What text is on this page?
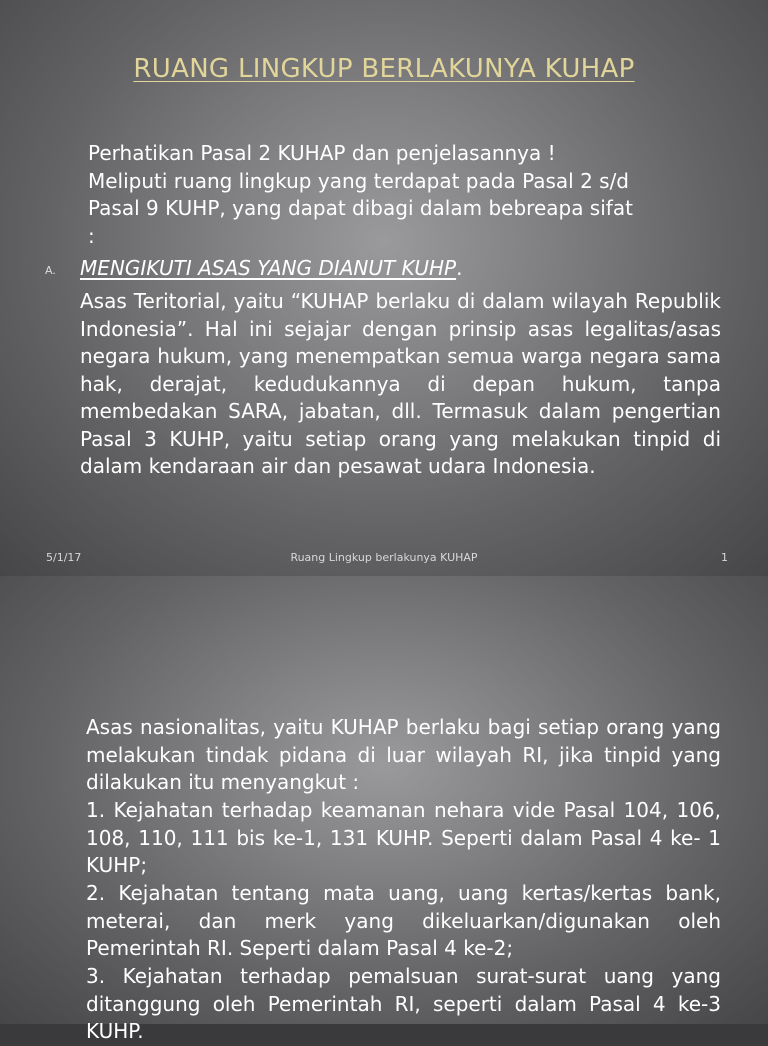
RUANG LINGKUP BERLAKUNYA KUHAP
Perhatikan Pasal 2 KUHAP dan penjelasannya !
Meliputi ruang lingkup yang terdapat pada Pasal 2 s/d
Pasal 9 KUHP, yang dapat dibagi dalam bebreapa sifat
:
A. MENGIKUTI ASAS YANG DIANUT KUHP.
Asas Teritorial, yaitu “KUHAP berlaku di dalam wilayah Republik Indonesia”. Hal ini sejajar dengan prinsip asas legalitas/asas negara hukum, yang menempatkan semua warga negara sama hak, derajat, kedudukannya di depan hukum, tanpa membedakan SARA, jabatan, dll. Termasuk dalam pengertian Pasal 3 KUHP, yaitu setiap orang yang melakukan tinpid di dalam kendaraan air dan pesawat udara Indonesia.
5/1/17	Ruang Lingkup berlakunya KUHAP	1
Asas nasionalitas, yaitu KUHAP berlaku bagi setiap orang yang melakukan tindak pidana di luar wilayah RI, jika tinpid yang dilakukan itu menyangkut :
1. Kejahatan terhadap keamanan nehara vide Pasal 104, 106, 108, 110, 111 bis ke-1, 131 KUHP. Seperti dalam Pasal 4 ke- 1 KUHP;
2. Kejahatan tentang mata uang, uang kertas/kertas bank, meterai, dan merk yang dikeluarkan/digunakan oleh Pemerintah RI. Seperti dalam Pasal 4 ke-2;
3. Kejahatan terhadap pemalsuan surat-surat uang yang ditanggung oleh Pemerintah RI, seperti dalam Pasal 4 ke-3 KUHP.
